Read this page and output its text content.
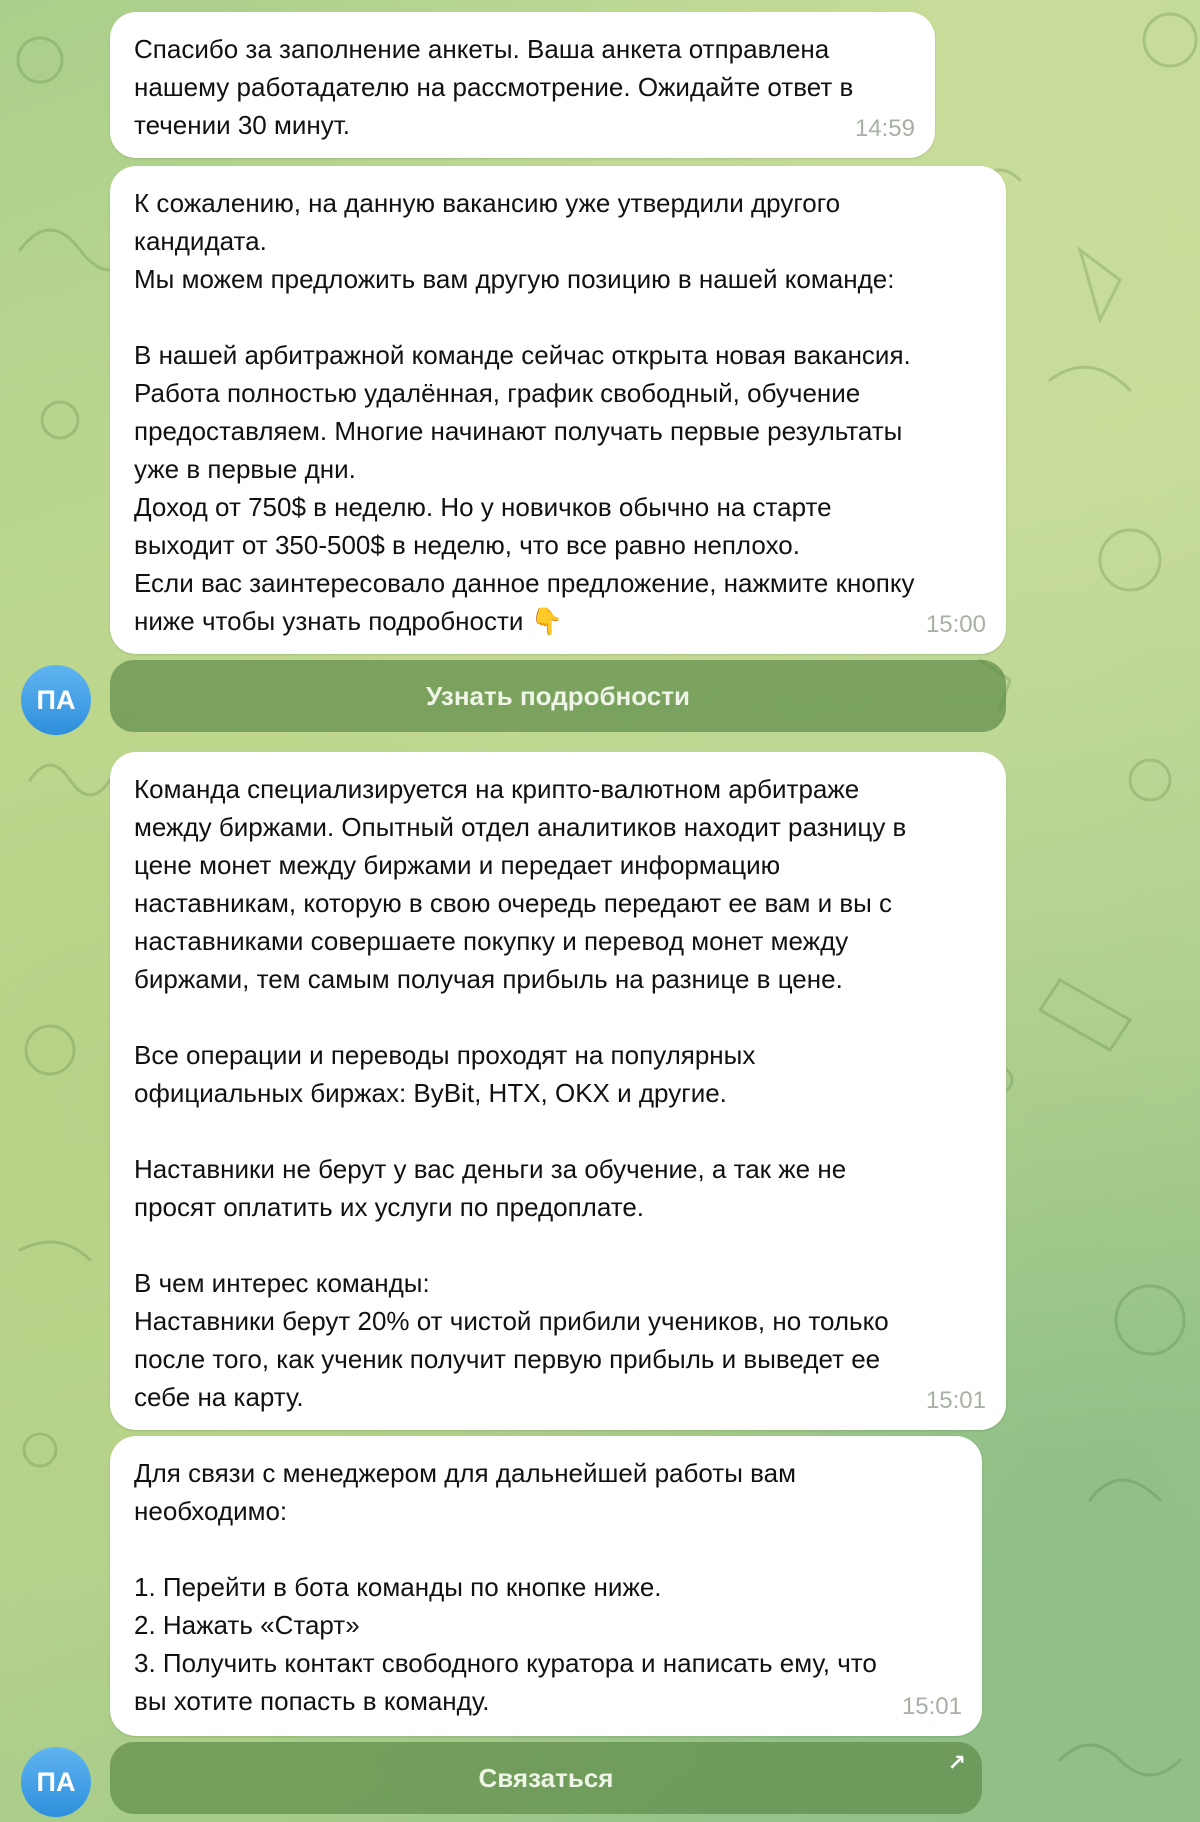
Спасибо за заполнение анкеты. Ваша анкета отправлена
нашему работадателю на рассмотрение. Ожидайте ответ в
течении 30 минут.	14:59
К сожалению, на данную вакансию уже утвердили другого
кандидата.
Мы можем предложить вам другую позицию в нашей команде:

В нашей арбитражной команде сейчас открыта новая вакансия.
Работа полностью удалённая, график свободный, обучение
предоставляем. Многие начинают получать первые результаты
уже в первые дни.
Доход от 750$ в неделю. Но у новичков обычно на старте
выходит от 350-500$ в неделю, что все равно неплохо.
Если вас заинтересовало данное предложение, нажмите кнопку
ниже чтобы узнать подробности 👇	15:00
Узнать подробности
ПА
Команда специализируется на крипто-валютном арбитраже
между биржами. Опытный отдел аналитиков находит разницу в
цене монет между биржами и передает информацию
наставникам, которую в свою очередь передают ее вам и вы с
наставниками совершаете покупку и перевод монет между
биржами, тем самым получая прибыль на разнице в цене.

Все операции и переводы проходят на популярных
официальных биржах: ByBit, HTX, OKX и другие.

Наставники не берут у вас деньги за обучение, а так же не
просят оплатить их услуги по предоплате.

В чем интерес команды:
Наставники берут 20% от чистой прибили учеников, но только
после того, как ученик получит первую прибыль и выведет ее
себе на карту.	15:01
Для связи с менеджером для дальнейшей работы вам
необходимо:

1. Перейти в бота команды по кнопке ниже.
2. Нажать «Старт»
3. Получить контакт свободного куратора и написать ему, что
вы хотите попасть в команду.	15:01
Связаться	↗
ПА
